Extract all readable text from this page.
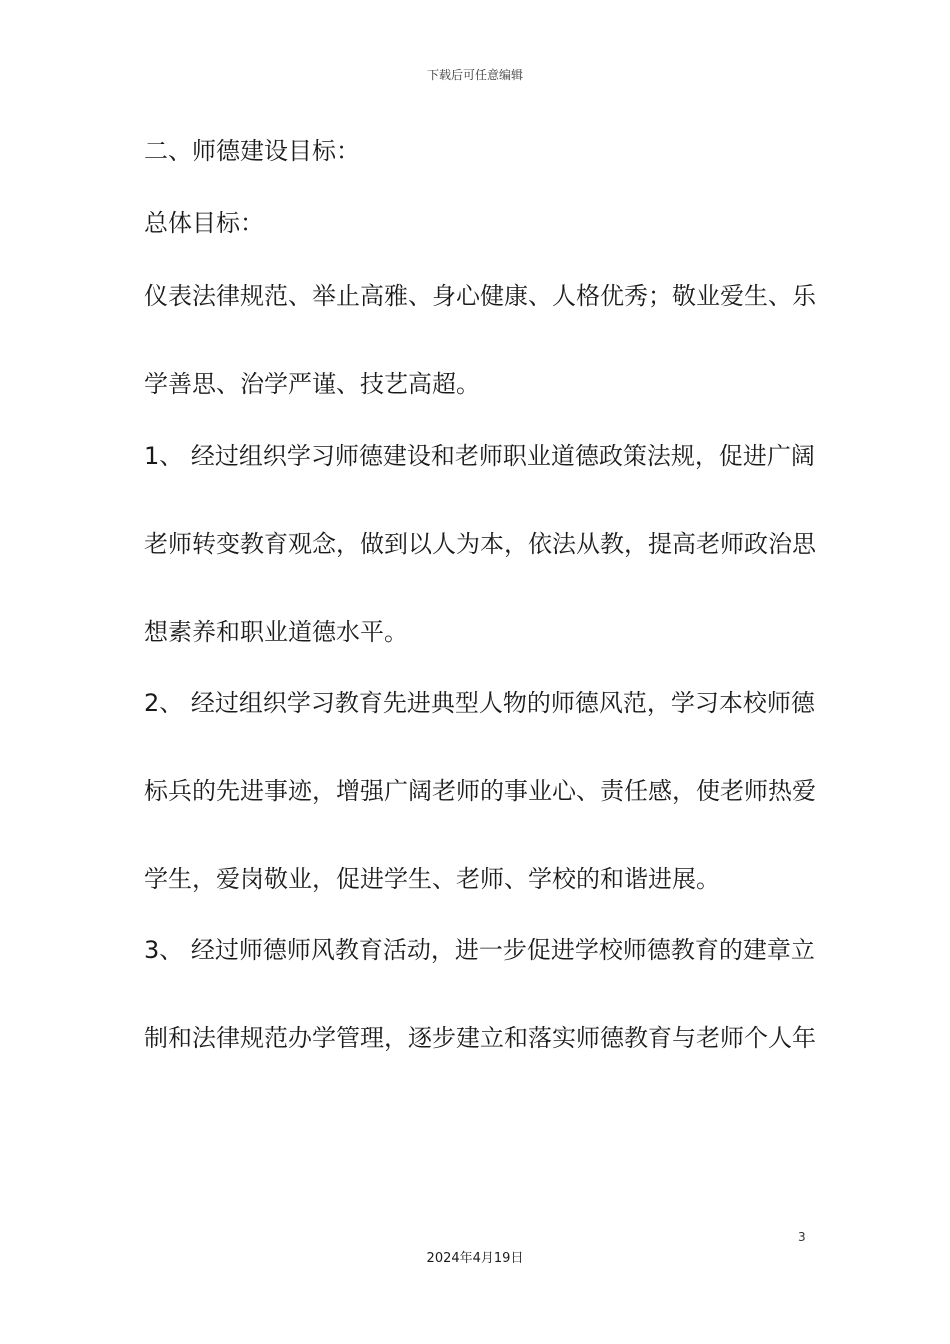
下载后可任意编辑
二、师德建设目标：
总体目标：
仪表法律规范、举止高雅、身心健康、人格优秀；敬业爱生、乐
学善思、治学严谨、技艺高超。
1、 经过组织学习师德建设和老师职业道德政策法规，促进广阔
老师转变教育观念，做到以人为本，依法从教，提高老师政治思
想素养和职业道德水平。
2、 经过组织学习教育先进典型人物的师德风范，学习本校师德
标兵的先进事迹，增强广阔老师的事业心、责任感，使老师热爱
学生，爱岗敬业，促进学生、老师、学校的和谐进展。
3、 经过师德师风教育活动，进一步促进学校师德教育的建章立
制和法律规范办学管理，逐步建立和落实师德教育与老师个人年
3
2024年4月19日
